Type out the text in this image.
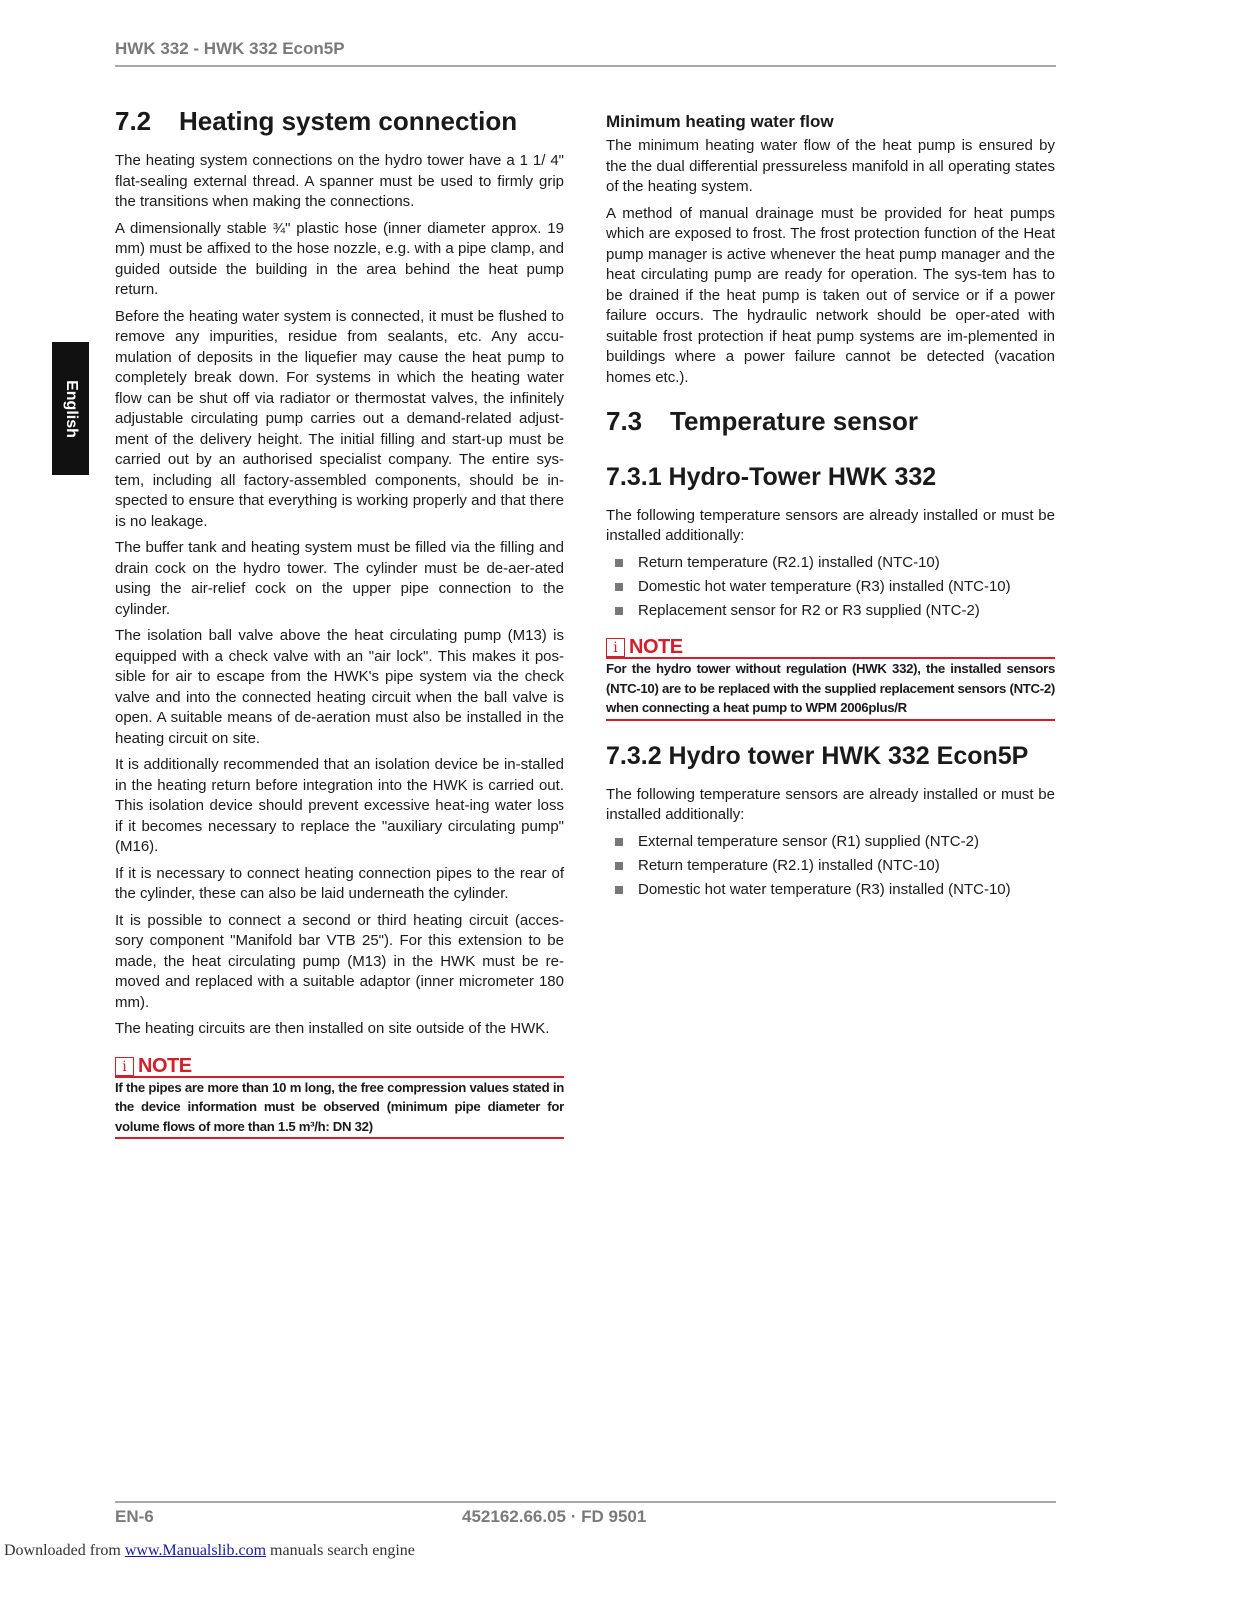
HWK 332 - HWK 332 Econ5P
English
7.2 Heating system connection

The heating system connections on the hydro tower have a 1 1/ 4" flat-sealing external thread. A spanner must be used to firmly grip the transitions when making the connections.

A dimensionally stable ¾" plastic hose (inner diameter approx. 19 mm) must be affixed to the hose nozzle, e.g. with a pipe clamp, and guided outside the building in the area behind the heat pump return.

Before the heating water system is connected, it must be flushed to remove any impurities, residue from sealants, etc. Any accu-mulation of deposits in the liquefier may cause the heat pump to completely break down. For systems in which the heating water flow can be shut off via radiator or thermostat valves, the infinitely adjustable circulating pump carries out a demand-related adjust-ment of the delivery height. The initial filling and start-up must be carried out by an authorised specialist company. The entire sys-tem, including all factory-assembled components, should be in-spected to ensure that everything is working properly and that there is no leakage.

The buffer tank and heating system must be filled via the filling and drain cock on the hydro tower. The cylinder must be de-aer-ated using the air-relief cock on the upper pipe connection to the cylinder.

The isolation ball valve above the heat circulating pump (M13) is equipped with a check valve with an "air lock". This makes it pos-sible for air to escape from the HWK's pipe system via the check valve and into the connected heating circuit when the ball valve is open. A suitable means of de-aeration must also be installed in the heating circuit on site.

It is additionally recommended that an isolation device be in-stalled in the heating return before integration into the HWK is carried out. This isolation device should prevent excessive heat-ing water loss if it becomes necessary to replace the "auxiliary circulating pump" (M16).

If it is necessary to connect heating connection pipes to the rear of the cylinder, these can also be laid underneath the cylinder.

It is possible to connect a second or third heating circuit (acces-sory component "Manifold bar VTB 25"). For this extension to be made, the heat circulating pump (M13) in the HWK must be re-moved and replaced with a suitable adaptor (inner micrometer 180 mm).

The heating circuits are then installed on site outside of the HWK.

i NOTE
If the pipes are more than 10 m long, the free compression values stated in the device information must be observed (minimum pipe diameter for volume flows of more than 1.5 m³/h: DN 32)
Minimum heating water flow

The minimum heating water flow of the heat pump is ensured by the the dual differential pressureless manifold in all operating states of the heating system.

A method of manual drainage must be provided for heat pumps which are exposed to frost. The frost protection function of the Heat pump manager is active whenever the heat pump manager and the heat circulating pump are ready for operation. The sys-tem has to be drained if the heat pump is taken out of service or if a power failure occurs. The hydraulic network should be oper-ated with suitable frost protection if heat pump systems are im-plemented in buildings where a power failure cannot be detected (vacation homes etc.).

7.3 Temperature sensor
7.3.1 Hydro-Tower HWK 332

The following temperature sensors are already installed or must be installed additionally:

Return temperature (R2.1) installed (NTC-10)
Domestic hot water temperature (R3) installed (NTC-10)
Replacement sensor for R2 or R3 supplied (NTC-2)
i NOTE
For the hydro tower without regulation (HWK 332), the installed sensors (NTC-10) are to be replaced with the supplied replacement sensors (NTC-2) when connecting a heat pump to WPM 2006plus/R
7.3.2 Hydro tower HWK 332 Econ5P

The following temperature sensors are already installed or must be installed additionally:

External temperature sensor (R1) supplied (NTC-2)
Return temperature (R2.1) installed (NTC-10)
Domestic hot water temperature (R3) installed (NTC-10)
EN-6	452162.66.05 · FD 9501
Downloaded from www.Manualslib.com manuals search engine
